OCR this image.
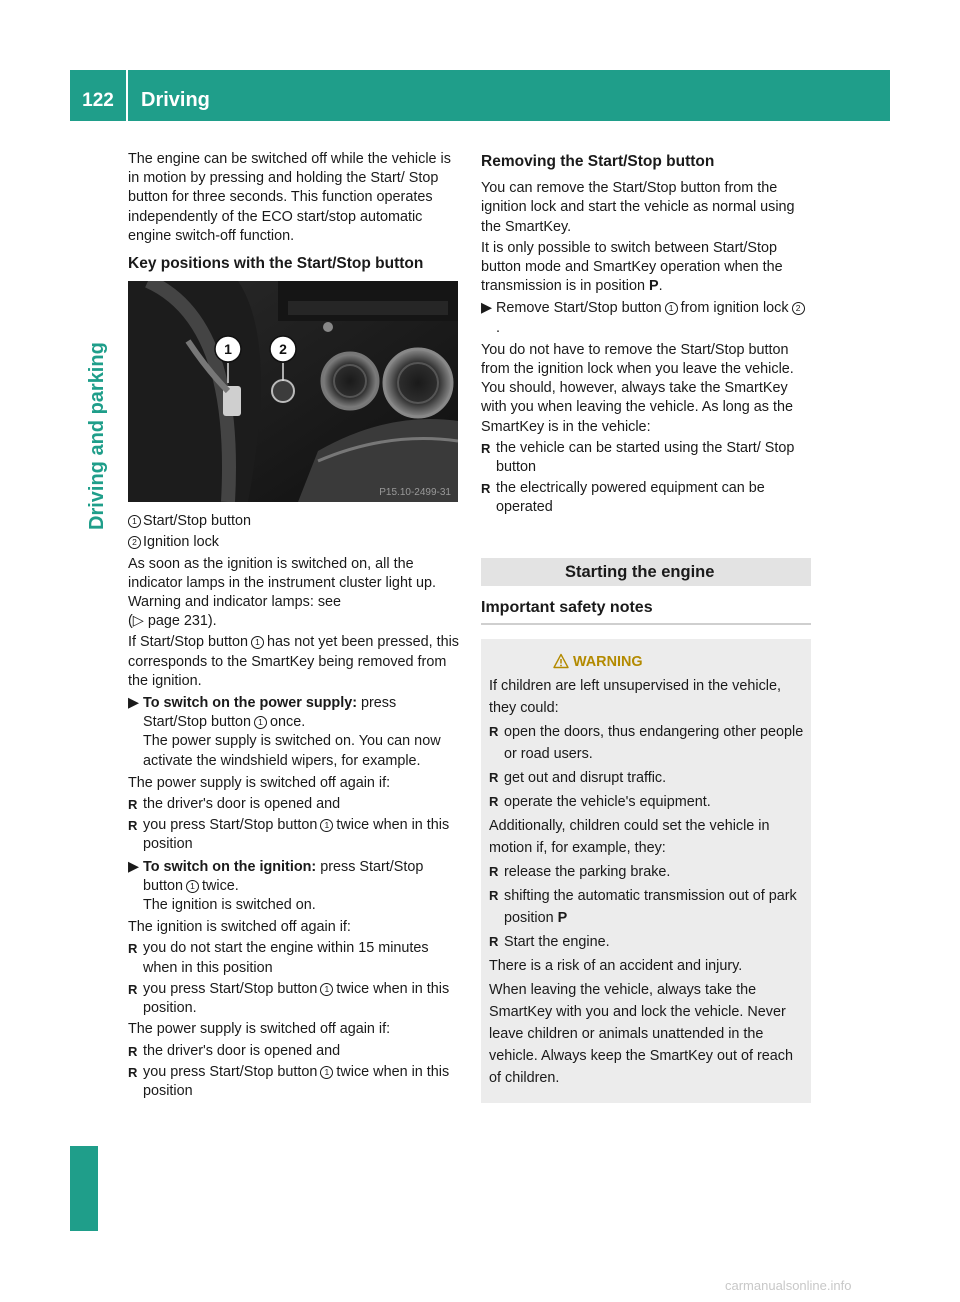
122	Driving
Driving and parking

The engine can be switched off while the vehicle is in motion by pressing and holding the Start/ Stop button for three seconds. This function operates independently of the ECO start/stop automatic engine switch-off function.

Key positions with the Start/Stop button
1	2
P15.10-2499-31
1 Start/Stop button
2 Ignition lock

As soon as the ignition is switched on, all the indicator lamps in the instrument cluster light up. Warning and indicator lamps: see
(▷ page 231).

If Start/Stop button 1 has not yet been pressed, this corresponds to the SmartKey being removed from the ignition.

▶ To switch on the power supply: press Start/Stop button 1 once.
The power supply is switched on. You can now activate the windshield wipers, for example.

The power supply is switched off again if:

R the driver's door is opened and
R you press Start/Stop button 1 twice when in this position
▶ To switch on the ignition: press Start/Stop button 1 twice.
The ignition is switched on.

The ignition is switched off again if:

R you do not start the engine within 15 minutes when in this position
R you press Start/Stop button 1 twice when in this position.

The power supply is switched off again if:

R the driver's door is opened and
R you press Start/Stop button 1 twice when in this position
Removing the Start/Stop button

You can remove the Start/Stop button from the ignition lock and start the vehicle as normal using the SmartKey.

It is only possible to switch between Start/Stop button mode and SmartKey operation when the transmission is in position P.

▶ Remove Start/Stop button 1 from ignition lock 2.

You do not have to remove the Start/Stop button from the ignition lock when you leave the vehicle. You should, however, always take the SmartKey with you when leaving the vehicle. As long as the SmartKey is in the vehicle:

R the vehicle can be started using the Start/ Stop button
R the electrically powered equipment can be operated
Starting the engine
Important safety notes
WARNING

If children are left unsupervised in the vehicle, they could:

R open the doors, thus endangering other people or road users.
R get out and disrupt traffic.
R operate the vehicle's equipment.

Additionally, children could set the vehicle in motion if, for example, they:

R release the parking brake.
R shifting the automatic transmission out of park position P
R Start the engine.

There is a risk of an accident and injury.

When leaving the vehicle, always take the SmartKey with you and lock the vehicle. Never leave children or animals unattended in the vehicle. Always keep the SmartKey out of reach of children.

carmanualsonline.info
